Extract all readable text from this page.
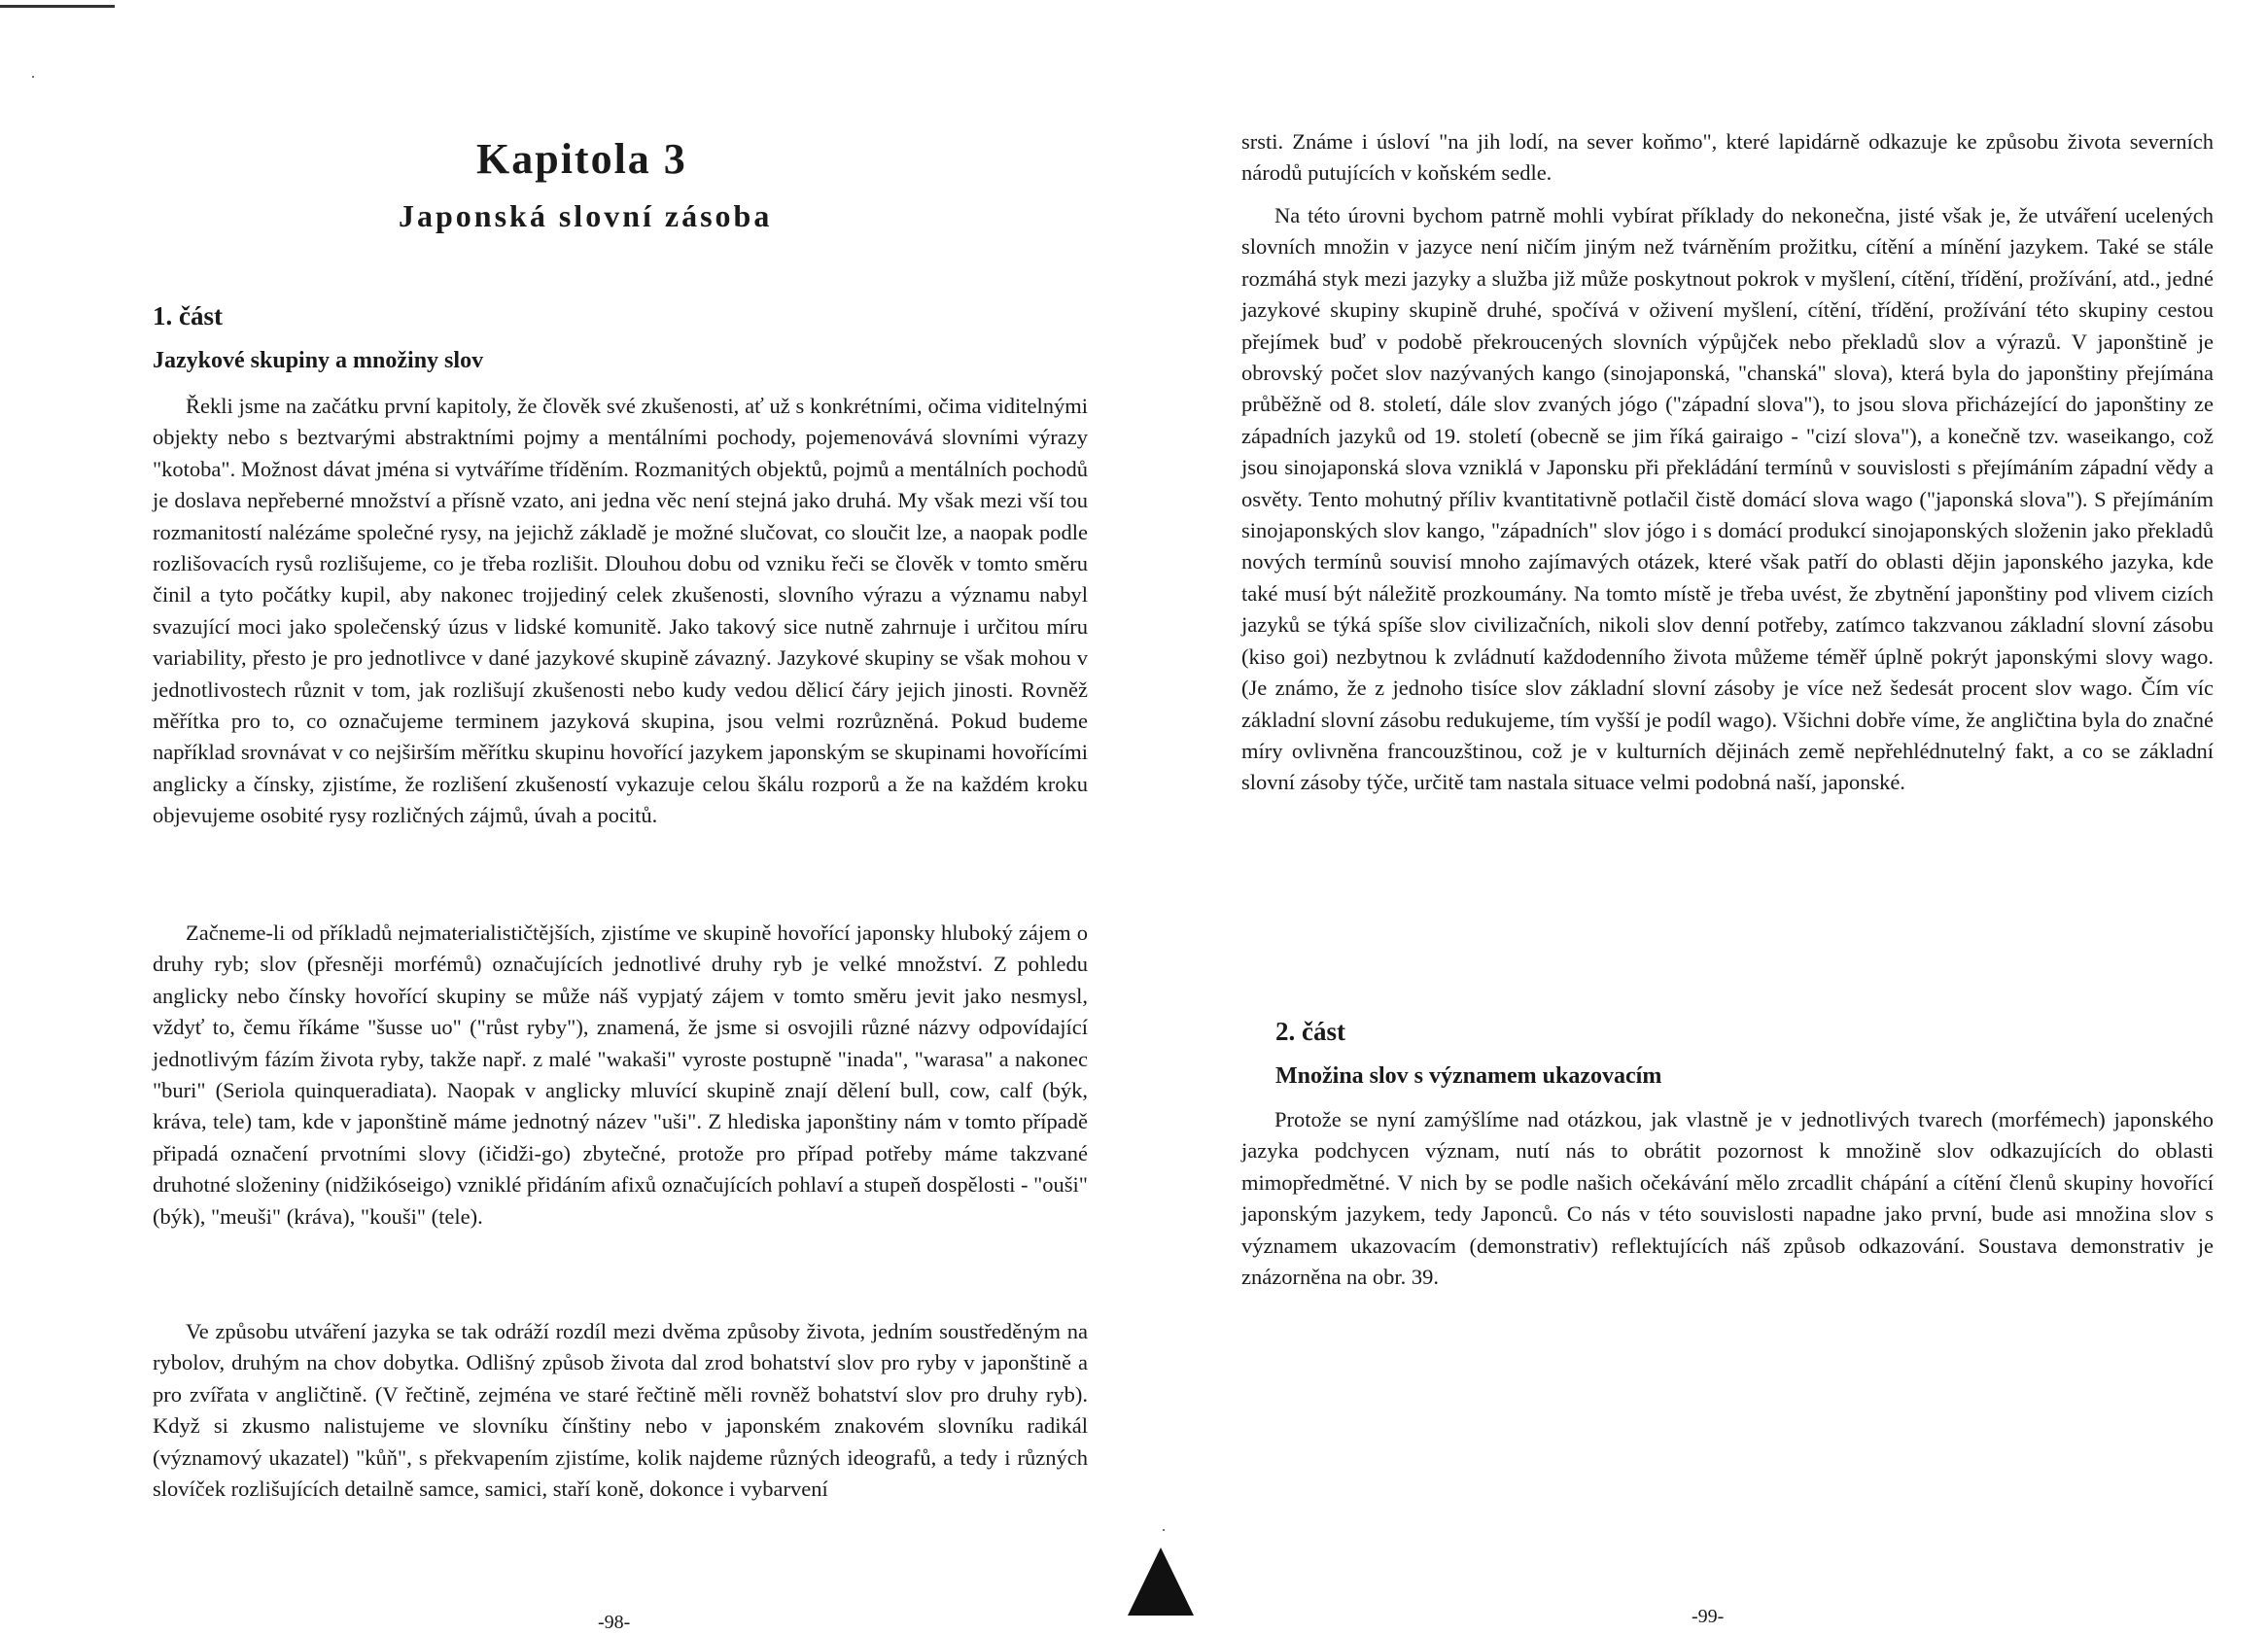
Kapitola 3
Japonská slovní zásoba
1. část
Jazykové skupiny a množiny slov

Řekli jsme na začátku první kapitoly, že člověk své zkušenosti, ať už s konkrétními, očima viditelnými objekty nebo s beztvarými abstraktními pojmy a mentálními pochody, pojemenovává slovními výrazy "kotoba". Možnost dávat jména si vytváříme tříděním. Rozmanitých objektů, pojmů a mentálních pochodů je doslava nepřeberné množství a přísně vzato, ani jedna věc není stejná jako druhá. My však mezi vší tou rozmanitostí nalézáme společné rysy, na jejichž základě je možné slučovat, co sloučit lze, a naopak podle rozlišovacích rysů rozlišujeme, co je třeba rozlišit. Dlouhou dobu od vzniku řeči se člověk v tomto směru činil a tyto počátky kupil, aby nakonec trojjediný celek zkušenosti, slovního výrazu a významu nabyl svazující moci jako společenský úzus v lidské komunitě. Jako takový sice nutně zahrnuje i určitou míru variability, přesto je pro jednotlivce v dané jazykové skupině závazný. Jazykové skupiny se však mohou v jednotlivostech různit v tom, jak rozlišují zkušenosti nebo kudy vedou dělicí čáry jejich jinosti. Rovněž měřítka pro to, co označujeme terminem jazyková skupina, jsou velmi rozrůzněná. Pokud budeme například srovnávat v co nejširším měřítku skupinu hovořící jazykem japonským se skupinami hovořícími anglicky a čínsky, zjistíme, že rozlišení zkušeností vykazuje celou škálu rozporů a že na každém kroku objevujeme osobité rysy rozličných zájmů, úvah a pocitů.

Začneme-li od příkladů nejmaterialističtějších, zjistíme ve skupině hovořící japonsky hluboký zájem o druhy ryb; slov (přesněji morfémů) označujících jednotlivé druhy ryb je velké množství. Z pohledu anglicky nebo čínsky hovořící skupiny se může náš vypjatý zájem v tomto směru jevit jako nesmysl, vždyť to, čemu říkáme "šusse uo" ("růst ryby"), znamená, že jsme si osvojili různé názvy odpovídající jednotlivým fázím života ryby, takže např. z malé "wakaši" vyroste postupně "inada", "warasa" a nakonec "buri" (Seriola quinqueradiata). Naopak v anglicky mluvící skupině znají dělení bull, cow, calf (býk, kráva, tele) tam, kde v japonštině máme jednotný název "uši". Z hlediska japonštiny nám v tomto případě připadá označení prvotními slovy (ičidži-go) zbytečné, protože pro případ potřeby máme takzvané druhotné složeniny (nidžikóseigo) vzniklé přidáním afixů označujících pohlaví a stupeň dospělosti - "ouši" (býk), "meuši" (kráva), "kouši" (tele).

Ve způsobu utváření jazyka se tak odráží rozdíl mezi dvěma způsoby života, jedním soustředěným na rybolov, druhým na chov dobytka. Odlišný způsob života dal zrod bohatství slov pro ryby v japonštině a pro zvířata v angličtině. (V řečtině, zejména ve staré řečtině měli rovněž bohatství slov pro druhy ryb). Když si zkusmo nalistujeme ve slovníku čínštiny nebo v japonském znakovém slovníku radikál (významový ukazatel) "kůň", s překvapením zjistíme, kolik najdeme různých ideografů, a tedy i různých slovíček rozlišujících detailně samce, samici, staří koně, dokonce i vybarvení

-98-

srsti. Známe i úsloví "na jih lodí, na sever koňmo", které lapidárně odkazuje ke způsobu života severních národů putujících v koňském sedle.

Na této úrovni bychom patrně mohli vybírat příklady do nekonečna, jisté však je, že utváření ucelených slovních množin v jazyce není ničím jiným než tvárněním prožitku, cítění a mínění jazykem. Také se stále rozmáhá styk mezi jazyky a služba již může poskytnout pokrok v myšlení, cítění, třídění, prožívání, atd., jedné jazykové skupiny skupině druhé, spočívá v oživení myšlení, cítění, třídění, prožívání této skupiny cestou přejímek buď v podobě překroucených slovních výpůjček nebo překladů slov a výrazů. V japonštině je obrovský počet slov nazývaných kango (sinojaponská, "chanská" slova), která byla do japonštiny přejímána průběžně od 8. století, dále slov zvaných jógo ("západní slova"), to jsou slova přicházející do japonštiny ze západních jazyků od 19. století (obecně se jim říká gairaigo - "cizí slova"), a konečně tzv. waseikango, což jsou sinojaponská slova vzniklá v Japonsku při překládání termínů v souvislosti s přejímáním západní vědy a osvěty. Tento mohutný příliv kvantitativně potlačil čistě domácí slova wago ("japonská slova"). S přejímáním sinojaponských slov kango, "západních" slov jógo i s domácí produkcí sinojaponských složenin jako překladů nových termínů souvisí mnoho zajímavých otázek, které však patří do oblasti dějin japonského jazyka, kde také musí být náležitě prozkoumány. Na tomto místě je třeba uvést, že zbytnění japonštiny pod vlivem cizích jazyků se týká spíše slov civilizačních, nikoli slov denní potřeby, zatímco takzvanou základní slovní zásobu (kiso goi) nezbytnou k zvládnutí každodenního života můžeme téměř úplně pokrýt japonskými slovy wago. (Je známo, že z jednoho tisíce slov základní slovní zásoby je více než šedesát procent slov wago. Čím víc základní slovní zásobu redukujeme, tím vyšší je podíl wago). Všichni dobře víme, že angličtina byla do značné míry ovlivněna francouzštinou, což je v kulturních dějinách země nepřehlédnutelný fakt, a co se základní slovní zásoby týče, určitě tam nastala situace velmi podobná naší, japonské.

2. část
Množina slov s významem ukazovacím

Protože se nyní zamýšlíme nad otázkou, jak vlastně je v jednotlivých tvarech (morfémech) japonského jazyka podchycen význam, nutí nás to obrátit pozornost k množině slov odkazujících do oblasti mimopředmětné. V nich by se podle našich očekávání mělo zrcadlit chápání a cítění členů skupiny hovořící japonským jazykem, tedy Japonců. Co nás v této souvislosti napadne jako první, bude asi množina slov s významem ukazovacím (demonstrativ) reflektujících náš způsob odkazování. Soustava demonstrativ je znázorněna na obr. 39.

-99-
